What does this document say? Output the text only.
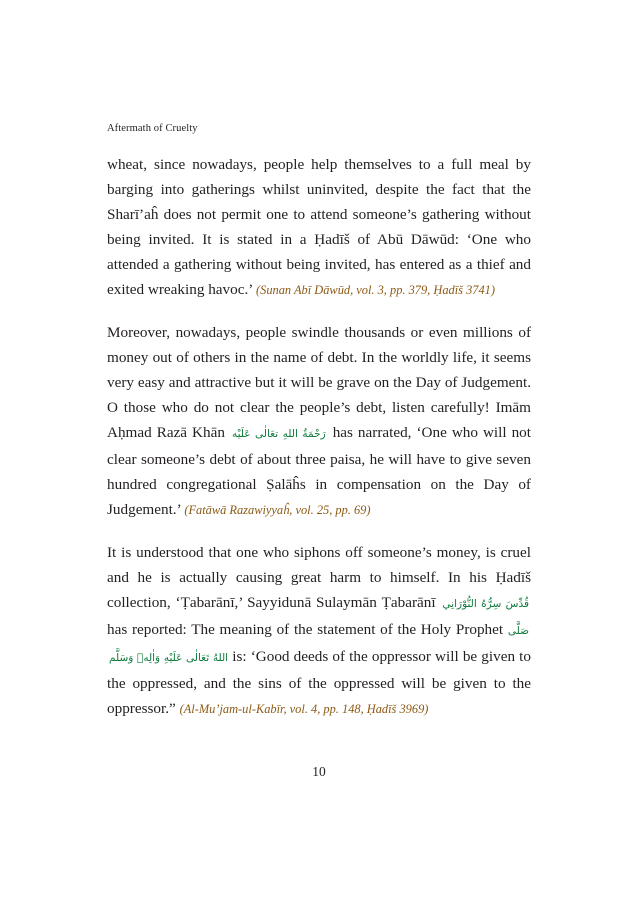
Aftermath of Cruelty

wheat, since nowadays, people help themselves to a full meal by barging into gatherings whilst uninvited, despite the fact that the Sharī’aĥ does not permit one to attend someone’s gathering without being invited. It is stated in a Ḥadīš of Abū Dāwūd: ‘One who attended a gathering without being invited, has entered as a thief and exited wreaking havoc.’ (Sunan Abī Dāwūd, vol. 3, pp. 379, Ḥadīš 3741)

Moreover, nowadays, people swindle thousands or even millions of money out of others in the name of debt. In the worldly life, it seems very easy and attractive but it will be grave on the Day of Judgement. O those who do not clear the people’s debt, listen carefully! Imām Aḥmad Razā Khān رَحْمَةُ اللهِ تعَالٰی عَلَيْه has narrated, ‘One who will not clear someone’s debt of about three paisa, he will have to give seven hundred congregational Ṣalāĥs in compensation on the Day of Judgement.’ (Fatāwā Razawiyyaĥ, vol. 25, pp. 69)

It is understood that one who siphons off someone’s money, is cruel and he is actually causing great harm to himself. In his Ḥadīš collection, ‘Ṭabarānī,’ Sayyidunā Sulaymān Ṭabarānī قُدِّسَ سِرُّهُ النُّوْرَانِي has reported: The meaning of the statement of the Holy Prophet صَلَّى اللهُ تَعَالٰى عَلَيْهِ وَاٰلِهٖ وَسَلَّم is: ‘Good deeds of the oppressor will be given to the oppressed, and the sins of the oppressed will be given to the oppressor.” (Al-Mu’jam-ul-Kabīr, vol. 4, pp. 148, Ḥadīš 3969)

10
